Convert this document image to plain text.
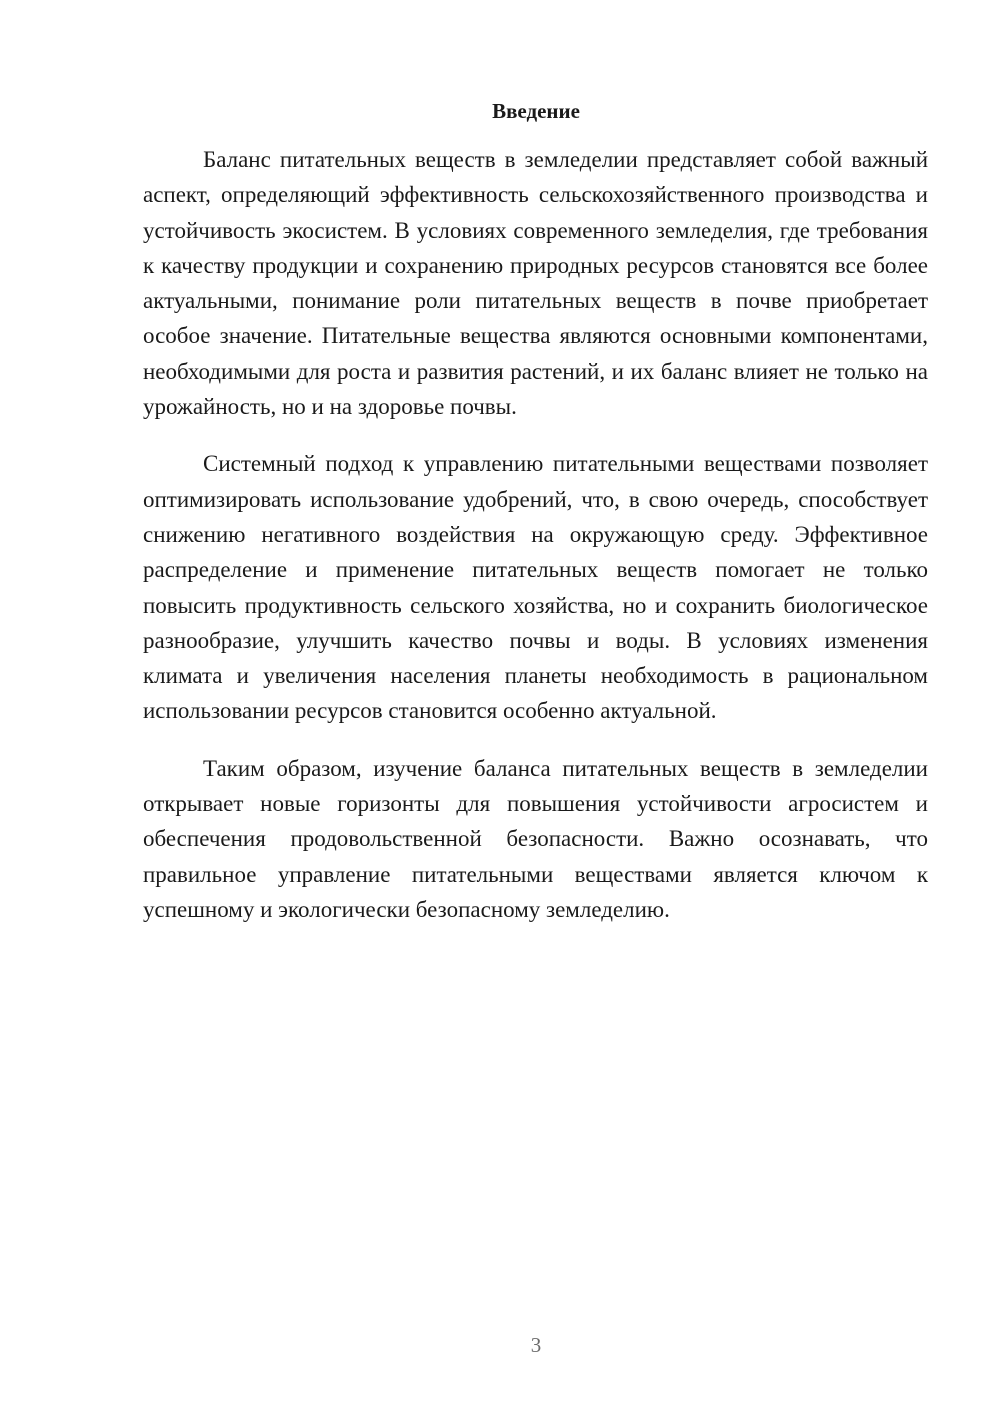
Введение

Баланс питательных веществ в земледелии представляет собой важный аспект, определяющий эффективность сельскохозяйственного производства и устойчивость экосистем. В условиях современного земледелия, где требования к качеству продукции и сохранению природных ресурсов становятся все более актуальными, понимание роли питательных веществ в почве приобретает особое значение. Питательные вещества являются основными компонентами, необходимыми для роста и развития растений, и их баланс влияет не только на урожайность, но и на здоровье почвы.

Системный подход к управлению питательными веществами позволяет оптимизировать использование удобрений, что, в свою очередь, способствует снижению негативного воздействия на окружающую среду. Эффективное распределение и применение питательных веществ помогает не только повысить продуктивность сельского хозяйства, но и сохранить биологическое разнообразие, улучшить качество почвы и воды. В условиях изменения климата и увеличения населения планеты необходимость в рациональном использовании ресурсов становится особенно актуальной.

Таким образом, изучение баланса питательных веществ в земледелии открывает новые горизонты для повышения устойчивости агросистем и обеспечения продовольственной безопасности. Важно осознавать, что правильное управление питательными веществами является ключом к успешному и экологически безопасному земледелию.

3
